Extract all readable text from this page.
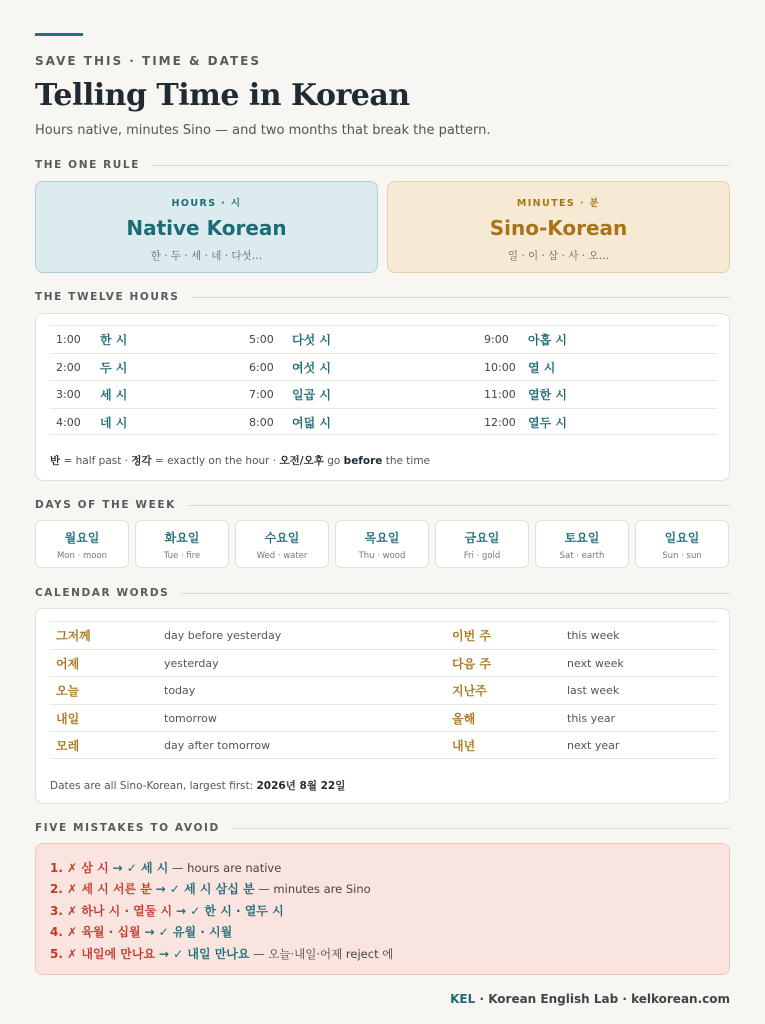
SAVE THIS · TIME & DATES
Telling Time in Korean
Hours native, minutes Sino — and two months that break the pattern.
THE ONE RULE
HOURS · 시
Native Korean
한 · 두 · 세 · 네 · 다섯…
MINUTES · 분
Sino-Korean
일 · 이 · 삼 · 사 · 오…
THE TWELVE HOURS
1:00 한 시	5:00 다섯 시	9:00 아홉 시
2:00 두 시	6:00 여섯 시	10:00 열 시
3:00 세 시	7:00 일곱 시	11:00 열한 시
4:00 네 시	8:00 여덟 시	12:00 열두 시
반 = half past · 정각 = exactly on the hour · 오전/오후 go before the time
DAYS OF THE WEEK
월요일
Mon · moon
화요일
Tue · fire
수요일
Wed · water
목요일
Thu · wood
금요일
Fri · gold
토요일
Sat · earth
일요일
Sun · sun
CALENDAR WORDS
그저께	day before yesterday	이번 주	this week
어제	yesterday	다음 주	next week
오늘	today	지난주	last week
내일	tomorrow	올해	this year
모레	day after tomorrow	내년	next year
Dates are all Sino-Korean, largest first: 2026년 8월 22일
FIVE MISTAKES TO AVOID
1. ✗ 삼 시 → ✓ 세 시 — hours are native
2. ✗ 세 시 서른 분 → ✓ 세 시 삼십 분 — minutes are Sino
3. ✗ 하나 시 · 열둘 시 → ✓ 한 시 · 열두 시
4. ✗ 육월 · 십월 → ✓ 유월 · 시월
5. ✗ 내일에 만나요 → ✓ 내일 만나요 — 오늘·내일·어제 reject 에
KEL · Korean English Lab · kelkorean.com
